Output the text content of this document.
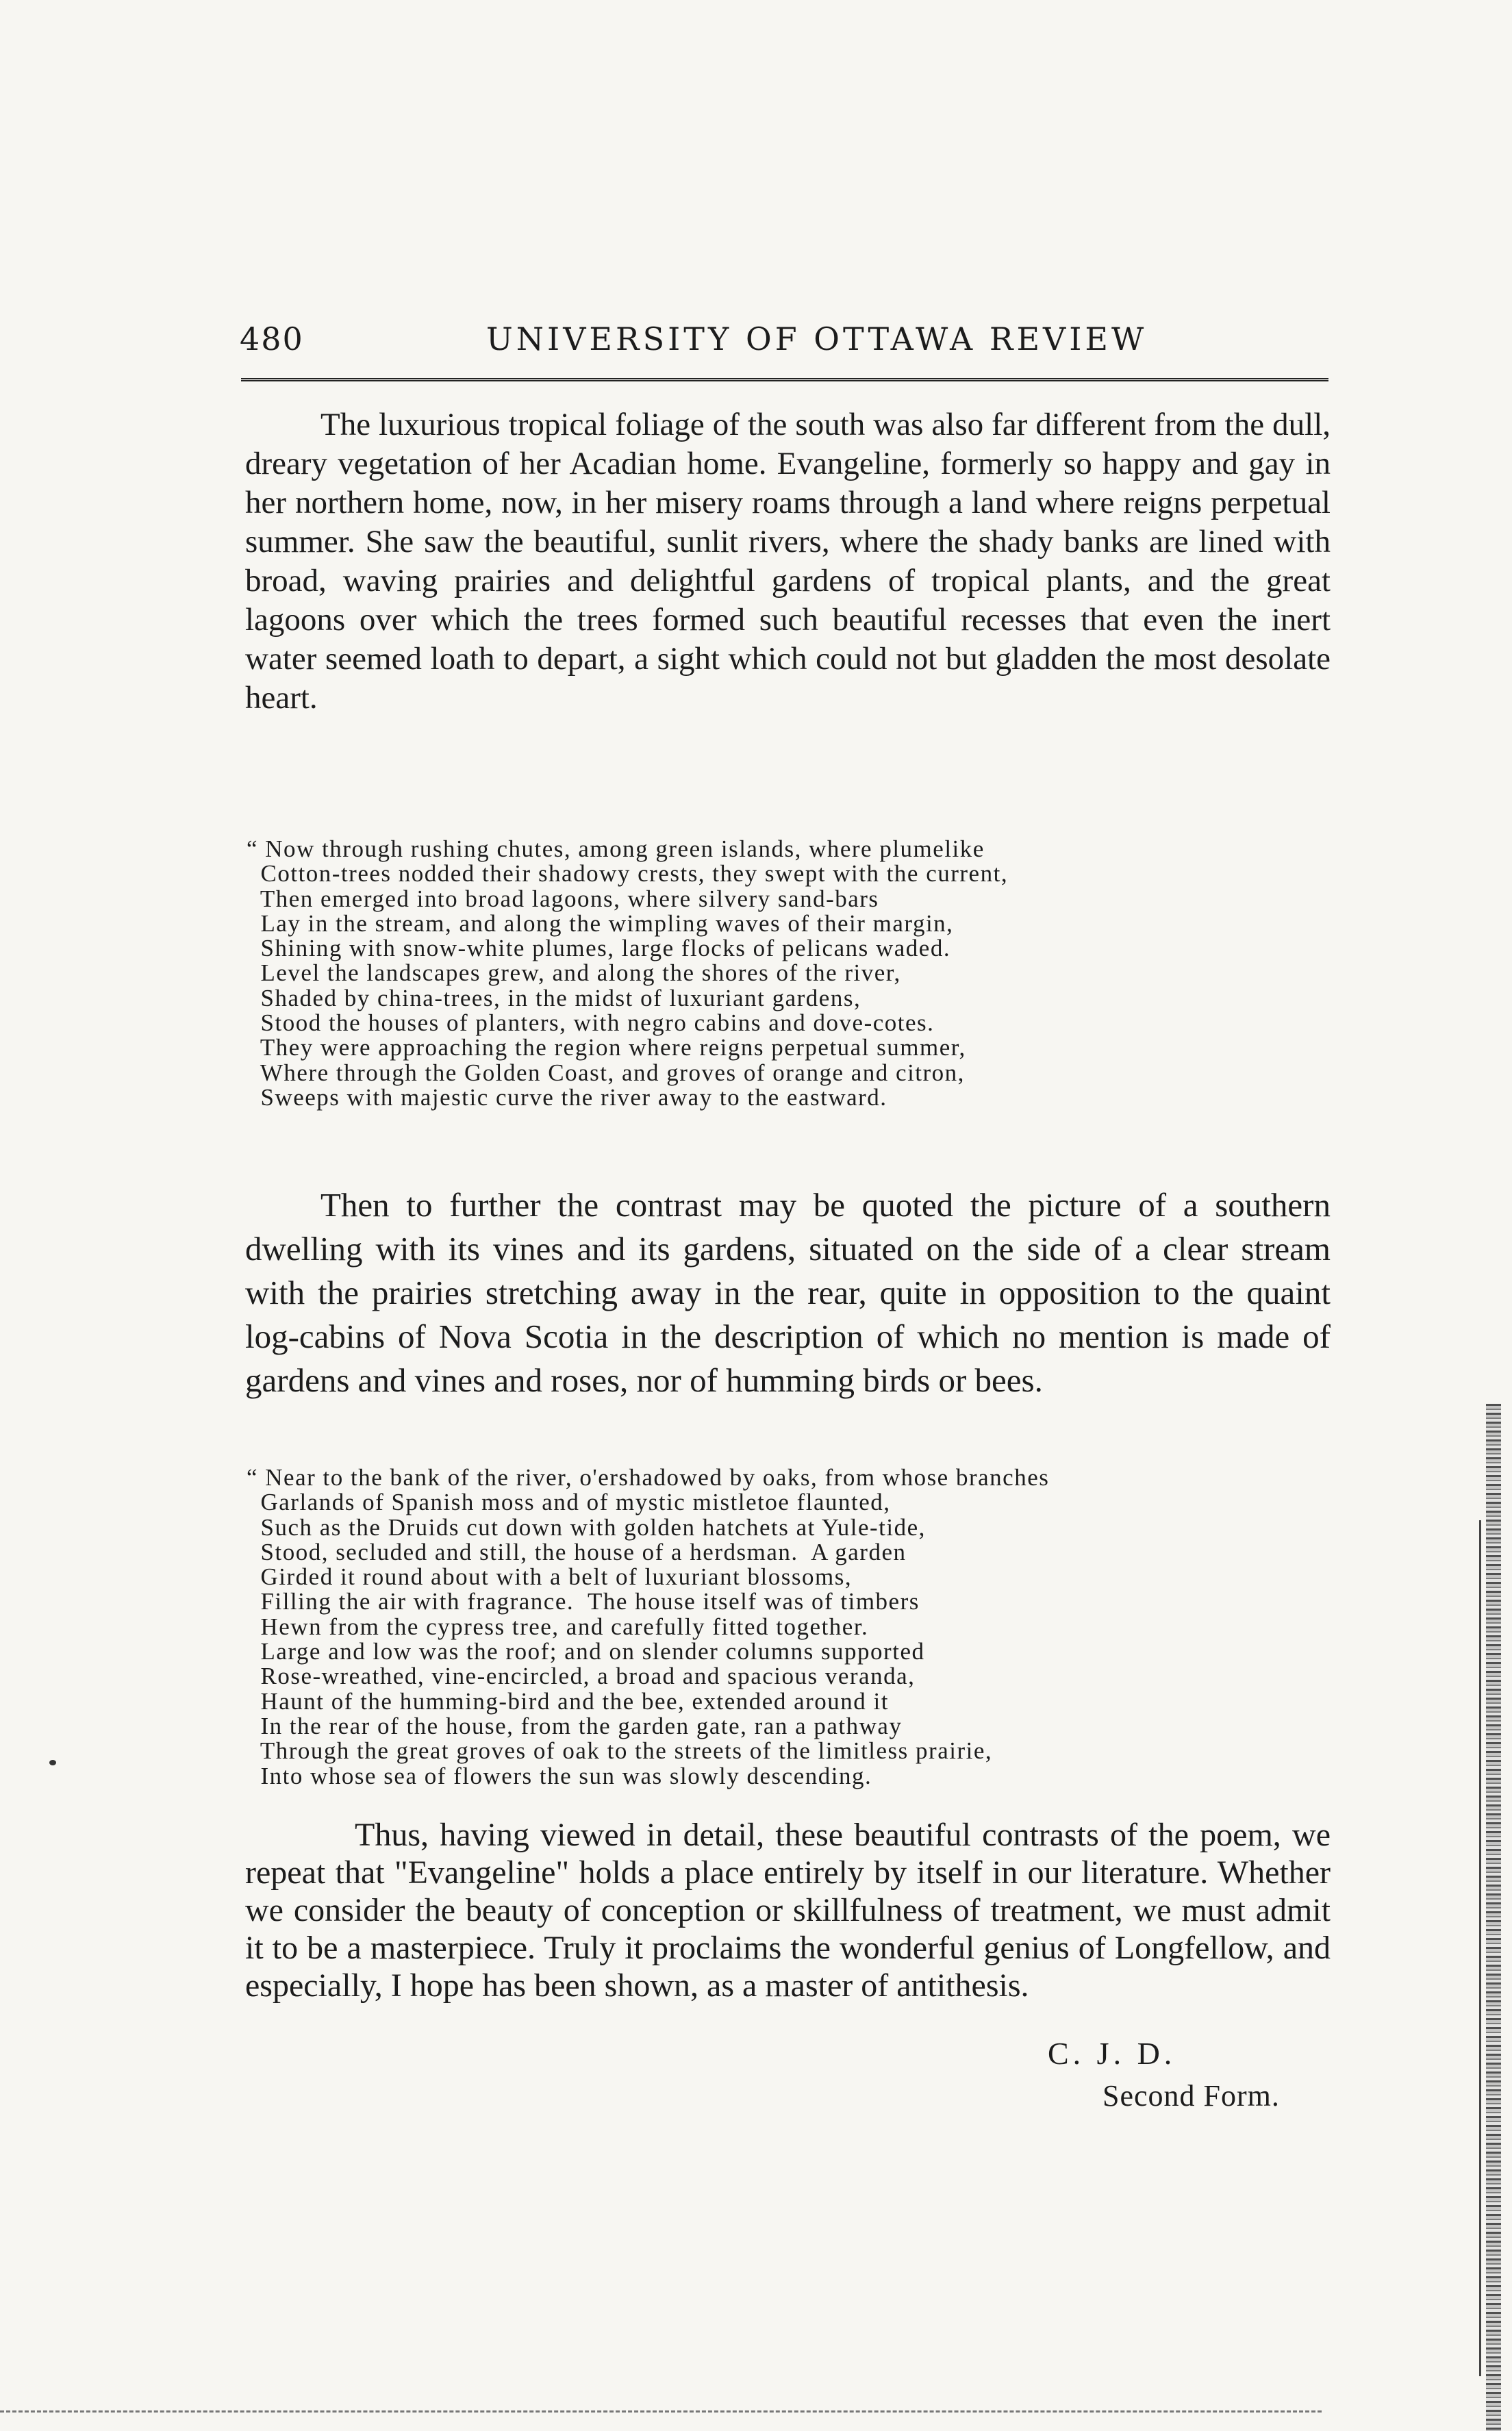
480	UNIVERSITY OF OTTAWA REVIEW

The luxurious tropical foliage of the south was also far different from the dull, dreary vegetation of her Acadian home. Evangeline, formerly so happy and gay in her northern home, now, in her misery roams through a land where reigns perpetual summer. She saw the beautiful, sunlit rivers, where the shady banks are lined with broad, waving prairies and delightful gardens of tropical plants, and the great lagoons over which the trees formed such beautiful recesses that even the inert water seemed loath to depart, a sight which could not but gladden the most desolate heart.

“ Now through rushing chutes, among green islands, where plumelike
Cotton-trees nodded their shadowy crests, they swept with the current,
Then emerged into broad lagoons, where silvery sand-bars
Lay in the stream, and along the wimpling waves of their margin,
Shining with snow-white plumes, large flocks of pelicans waded.
Level the landscapes grew, and along the shores of the river,
Shaded by china-trees, in the midst of luxuriant gardens,
Stood the houses of planters, with negro cabins and dove-cotes.
They were approaching the region where reigns perpetual summer,
Where through the Golden Coast, and groves of orange and citron,
Sweeps with majestic curve the river away to the eastward.

Then to further the contrast may be quoted the picture of a southern dwelling with its vines and its gardens, situated on the side of a clear stream with the prairies stretching away in the rear, quite in opposition to the quaint log-cabins of Nova Scotia in the description of which no mention is made of gardens and vines and roses, nor of humming birds or bees.

“ Near to the bank of the river, o'ershadowed by oaks, from whose branches
Garlands of Spanish moss and of mystic mistletoe flaunted,
Such as the Druids cut down with golden hatchets at Yule-tide,
Stood, secluded and still, the house of a herdsman.  A garden
Girded it round about with a belt of luxuriant blossoms,
Filling the air with fragrance.  The house itself was of timbers
Hewn from the cypress tree, and carefully fitted together.
Large and low was the roof; and on slender columns supported
Rose-wreathed, vine-encircled, a broad and spacious veranda,
Haunt of the humming-bird and the bee, extended around it
In the rear of the house, from the garden gate, ran a pathway
Through the great groves of oak to the streets of the limitless prairie,
Into whose sea of flowers the sun was slowly descending.

Thus, having viewed in detail, these beautiful contrasts of the poem, we repeat that "Evangeline" holds a place entirely by itself in our literature. Whether we consider the beauty of conception or skillfulness of treatment, we must admit it to be a masterpiece. Truly it proclaims the wonderful genius of Longfellow, and especially, I hope has been shown, as a master of antithesis.

C. J. D.
Second Form.
